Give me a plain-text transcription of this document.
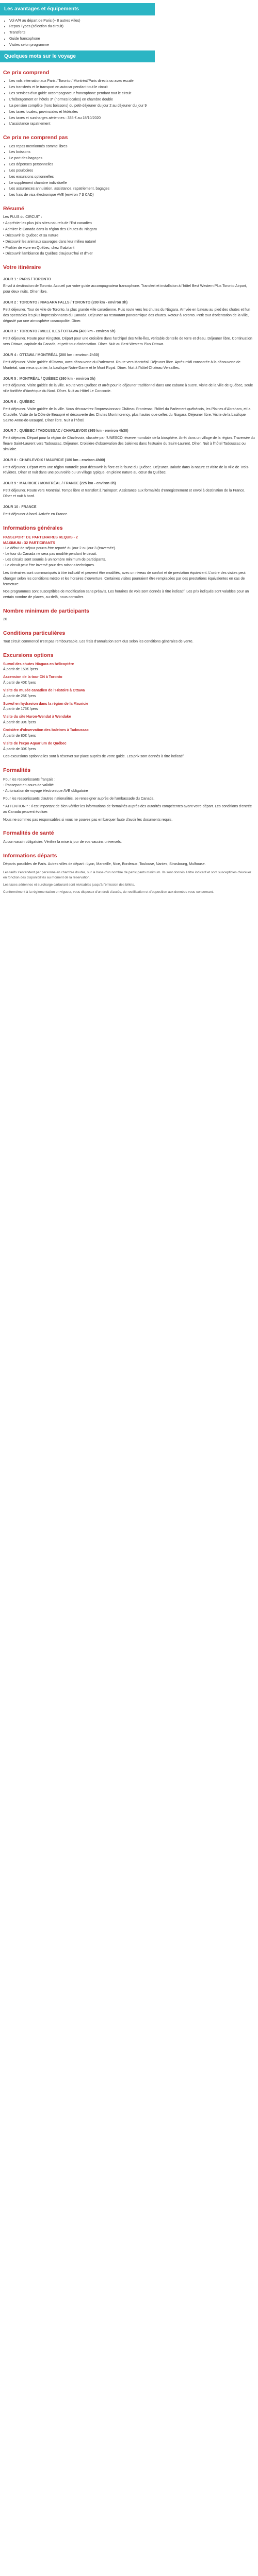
Les avantages et équipements
• Vol A/R au départ de Paris (+ 8 autres villes)
• Repas Types (sélection du circuit)
• Transferts
• Guide francophone
• Visites selon programme
Quelques mots sur le voyage
Ce prix comprend
• Les vols internationaux Paris / Toronto / Montréal/Paris directs ou avec escale
• Les transferts et le transport en autocar pendant tout le circuit
• Les services d'un guide accompagnateur francophone pendant tout le circuit
• L'hébergement en hôtels 3* (normes locales) en chambre double
• La pension complète (hors boissons) du petit-déjeuner du jour 2 au déjeuner du jour 9
• Les taxes locales, provinciales et fédérales
• Les taxes et surcharges aériennes : 335 € au 18/10/2020
• L'assistance rapatriement
Ce prix ne comprend pas
• Les repas mentionnés comme libres
• Les boissons
• Le port des bagages
• Les dépenses personnelles
• Les pourboires
• Les excursions optionnelles
• Le supplément chambre individuelle
• Les assurances annulation, assistance, rapatriement, bagages
• Les frais de visa électronique AVE (environ 7 $ CAD)
Résumé

Les PLUS du CIRCUIT :

• Apprécier les plus jolis sites naturels de l'Est canadien

• Admirer le Canada dans la région des Chutes du Niagara

• Découvrir le Québec et sa nature

• Découvrir les animaux sauvages dans leur milieu naturel

• Profiter de vivre en Québec, chez l'habitant

• Découvrir l'ambiance du Québec d'aujourd'hui et d'hier

Votre itinéraire
JOUR 1 : PARIS / TORONTO

Envol à destination de Toronto. Accueil par votre guide accompagnateur francophone. Transfert et installation à l'hôtel Best Western Plus Toronto Airport, pour deux nuits. Dîner libre.

JOUR 2 : TORONTO / NIAGARA FALLS / TORONTO (280 km - environ 3h)

Petit déjeuner. Tour de ville de Toronto, la plus grande ville canadienne. Puis route vers les chutes du Niagara. Arrivée en bateau au pied des chutes et l'un des spectacles les plus impressionnants du Canada. Déjeuner au restaurant panoramique des chutes. Retour à Toronto. Petit tour d'orientation de la ville, dégusté par une atmosphère cosmopolite. Dîner.

JOUR 3 : TORONTO / MILLE ILES / OTTAWA (400 km - environ 5h)

Petit déjeuner. Route pour Kingston. Départ pour une croisière dans l'archipel des Mille-Îles, véritable dentelle de terre et d'eau. Déjeuner libre. Continuation vers Ottawa, capitale du Canada, et petit tour d'orientation. Dîner. Nuit au Best Western Plus Ottawa.

JOUR 4 : OTTAWA / MONTRÉAL (200 km - environ 2h30)

Petit déjeuner. Visite guidée d'Ottawa, avec découverte du Parlement. Route vers Montréal. Déjeuner libre. Après-midi consacrée à la découverte de Montréal, son vieux quartier, la basilique Notre-Dame et le Mont Royal. Dîner. Nuit à l'hôtel Chateau Versailles.

JOUR 5 : MONTRÉAL / QUÉBEC (260 km - environ 3h)

Petit déjeuner. Visite guidée de la ville. Route vers Québec et arrêt pour le déjeuner traditionnel dans une cabane à sucre. Visite de la ville de Québec, seule ville fortifiée d'Amérique du Nord. Dîner. Nuit au Hôtel Le Concorde.

JOUR 6 : QUÉBEC

Petit déjeuner. Visite guidée de la ville. Vous découvrirez l'impressionnant Château Frontenac, l'hôtel du Parlement québécois, les Plaines d'Abraham, et la Citadelle. Visite de la Côte de Beaupré et découverte des Chutes Montmorency, plus hautes que celles du Niagara. Déjeuner libre. Visite de la basilique Sainte-Anne-de-Beaupré. Dîner libre. Nuit à l'hôtel.

JOUR 7 : QUÉBEC / TADOUSSAC / CHARLEVOIX (365 km - environ 4h30)

Petit déjeuner. Départ pour la région de Charlevoix, classée par l'UNESCO réserve mondiale de la biosphère. Arrêt dans un village de la région. Traversée du fleuve Saint-Laurent vers Tadoussac. Déjeuner. Croisière d'observation des baleines dans l'estuaire du Saint-Laurent. Dîner. Nuit à l'hôtel Tadoussac ou similaire.

JOUR 8 : CHARLEVOIX / MAURICIE (180 km - environ 4h00)

Petit déjeuner. Départ vers une région naturelle pour découvrir la flore et la faune du Québec. Déjeuner. Balade dans la nature et visite de la ville de Trois-Rivières. Dîner et nuit dans une pourvoirie ou un village typique, en pleine nature au cœur du Québec.

JOUR 9 : MAURICIE / MONTRÉAL / FRANCE (225 km - environ 3h)

Petit déjeuner. Route vers Montréal. Temps libre et transfert à l'aéroport. Assistance aux formalités d'enregistrement et envol à destination de la France. Dîner et nuit à bord.

JOUR 10 : FRANCE

Petit déjeuner à bord. Arrivée en France.

Informations générales
PASSEPORT DE PARTENAIRES REQUIS - 2
MAXIMUM - 32 PARTICIPANTS
- Le début de séjour pourra être reporté du jour 2 ou jour 3 (traversée).
- Le tour du Canada ne sera pas modifié pendant le circuit.
- Les circuits sont soumis à un nombre minimum de participants.
- Le circuit peut être inversé pour des raisons techniques.

Les itinéraires sont communiqués à titre indicatif et peuvent être modifiés, avec un niveau de confort et de prestation équivalent. L'ordre des visites peut changer selon les conditions météo et les horaires d'ouverture. Certaines visites pourraient être remplacées par des prestations équivalentes en cas de fermeture.

Nos programmes sont susceptibles de modification sans préavis. Les horaires de vols sont donnés à titre indicatif. Les prix indiqués sont valables pour un certain nombre de places, au-delà, nous consulter.

Nombre minimum de participants

20

Conditions particulières

Tout circuit commencé n'est pas remboursable. Les frais d'annulation sont dus selon les conditions générales de vente.

Excursions options
Survol des chutes Niagara en hélicoptère
À partir de 150€ /pers
Ascension de la tour CN à Toronto
À partir de 40€ /pers
Visite du musée canadien de l'Histoire à Ottawa
À partir de 25€ /pers
Survol en hydravion dans la région de la Mauricie
À partir de 175€ /pers
Visite du site Huron-Wendat à Wendake
À partir de 30€ /pers
Croisière d'observation des baleines à Tadoussac
À partir de 80€ /pers
Visite de l'expo Aquarium de Québec
À partir de 30€ /pers

Ces excursions optionnelles sont à réserver sur place auprès de votre guide. Les prix sont donnés à titre indicatif.

Formalités
Pour les ressortissants français :
- Passeport en cours de validité
- Autorisation de voyage électronique AVE obligatoire

Pour les ressortissants d'autres nationalités, se renseigner auprès de l'ambassade du Canada.

* ATTENTION * : Il est important de bien vérifier les informations de formalités auprès des autorités compétentes avant votre départ. Les conditions d'entrée au Canada peuvent évoluer.

Nous ne sommes pas responsables si vous ne pouvez pas embarquer faute d'avoir les documents requis.

Formalités de santé

Aucun vaccin obligatoire. Vérifiez la mise à jour de vos vaccins universels.

Informations départs

Départs possibles de Paris. Autres villes de départ : Lyon, Marseille, Nice, Bordeaux, Toulouse, Nantes, Strasbourg, Mulhouse.

Les tarifs s'entendent par personne en chambre double, sur la base d'un nombre de participants minimum. Ils sont donnés à titre indicatif et sont susceptibles d'évoluer en fonction des disponibilités au moment de la réservation.

Les taxes aériennes et surcharge carburant sont révisables jusqu'à l'émission des billets.

Conformément à la réglementation en vigueur, vous disposez d'un droit d'accès, de rectification et d'opposition aux données vous concernant.
